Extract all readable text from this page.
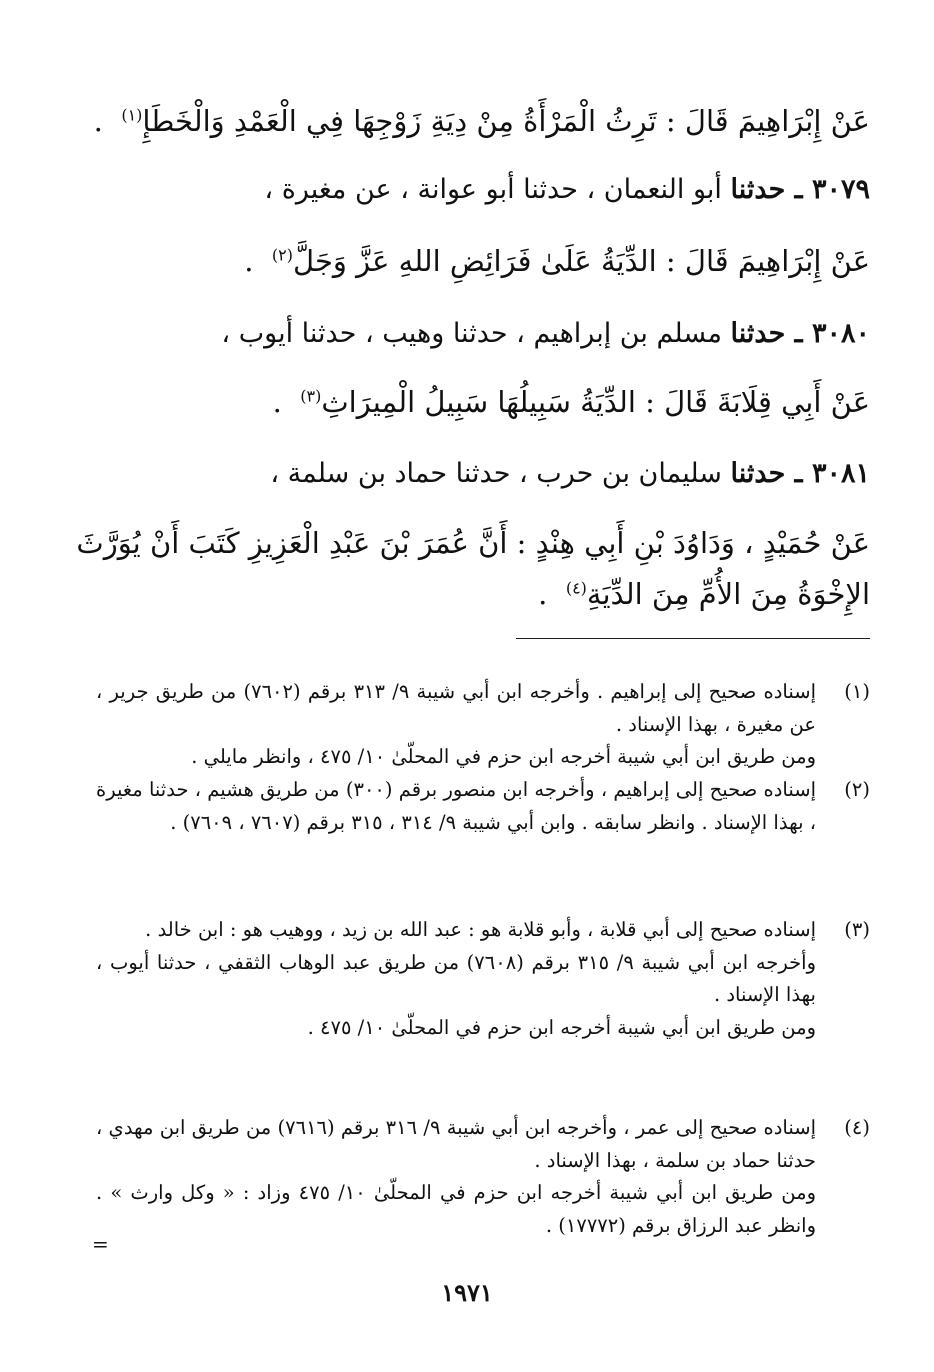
عَنْ إِبْرَاهِيمَ قَالَ : تَرِثُ الْمَرْأَةُ مِنْ دِيَةِ زَوْجِهَا فِي الْعَمْدِ وَالْخَطَإِ$^{(١)}$  .
٣٠٧٩ ـ حدثنا أبو النعمان ، حدثنا أبو عوانة ، عن مغيرة ،
عَنْ إِبْرَاهِيمَ قَالَ : الدِّيَةُ عَلَىٰ فَرَائِضِ اللهِ عَزَّ وَجَلَّ$^{(٢)}$  .
٣٠٨٠ ـ حدثنا مسلم بن إبراهيم ، حدثنا وهيب ، حدثنا أيوب ،
عَنْ أَبِي قِلَابَةَ قَالَ : الدِّيَةُ سَبِيلُهَا سَبِيلُ الْمِيرَاثِ$^{(٣)}$  .
٣٠٨١ ـ حدثنا سليمان بن حرب ، حدثنا حماد بن سلمة ،
عَنْ حُمَيْدٍ ، وَدَاوُدَ بْنِ أَبِي هِنْدٍ : أَنَّ عُمَرَ بْنَ عَبْدِ الْعَزِيزِ كَتَبَ أَنْ يُوَرَّثَ
الإِخْوَةُ مِنَ الأُمِّ مِنَ الدِّيَةِ$^{(٤)}$  .
(١)

إسناده صحيح إلى إبراهيم . وأخرجه ابن أبي شيبة ٩/ ٣١٣ برقم (٧٦٠٢) من طريق جرير ، عن مغيرة ، بهذا الإسناد .

ومن طريق ابن أبي شيبة أخرجه ابن حزم في المحلّىٰ ١٠/ ٤٧٥ ، وانظر مايلي .

(٢)

إسناده صحيح إلى إبراهيم ، وأخرجه ابن منصور برقم (٣٠٠) من طريق هشيم ، حدثنا مغيرة ، بهذا الإسناد . وانظر سابقه . وابن أبي شيبة ٩/ ٣١٤ ، ٣١٥ برقم (٧٦٠٧ ، ٧٦٠٩) .

(٣)

إسناده صحيح إلى أبي قلابة ، وأبو قلابة هو : عبد الله بن زيد ، ووهيب هو : ابن خالد .

وأخرجه ابن أبي شيبة ٩/ ٣١٥ برقم (٧٦٠٨) من طريق عبد الوهاب الثقفي ، حدثنا أيوب ، بهذا الإسناد .

ومن طريق ابن أبي شيبة أخرجه ابن حزم في المحلّىٰ ١٠/ ٤٧٥ .

(٤)

إسناده صحيح إلى عمر ، وأخرجه ابن أبي شيبة ٩/ ٣١٦ برقم (٧٦١٦) من طريق ابن مهدي ، حدثنا حماد بن سلمة ، بهذا الإسناد .

ومن طريق ابن أبي شيبة أخرجه ابن حزم في المحلّىٰ ١٠/ ٤٧٥ وزاد : « وكل وارث » . وانظر عبد الرزاق برقم (١٧٧٧٢) .

=
١٩٧١
